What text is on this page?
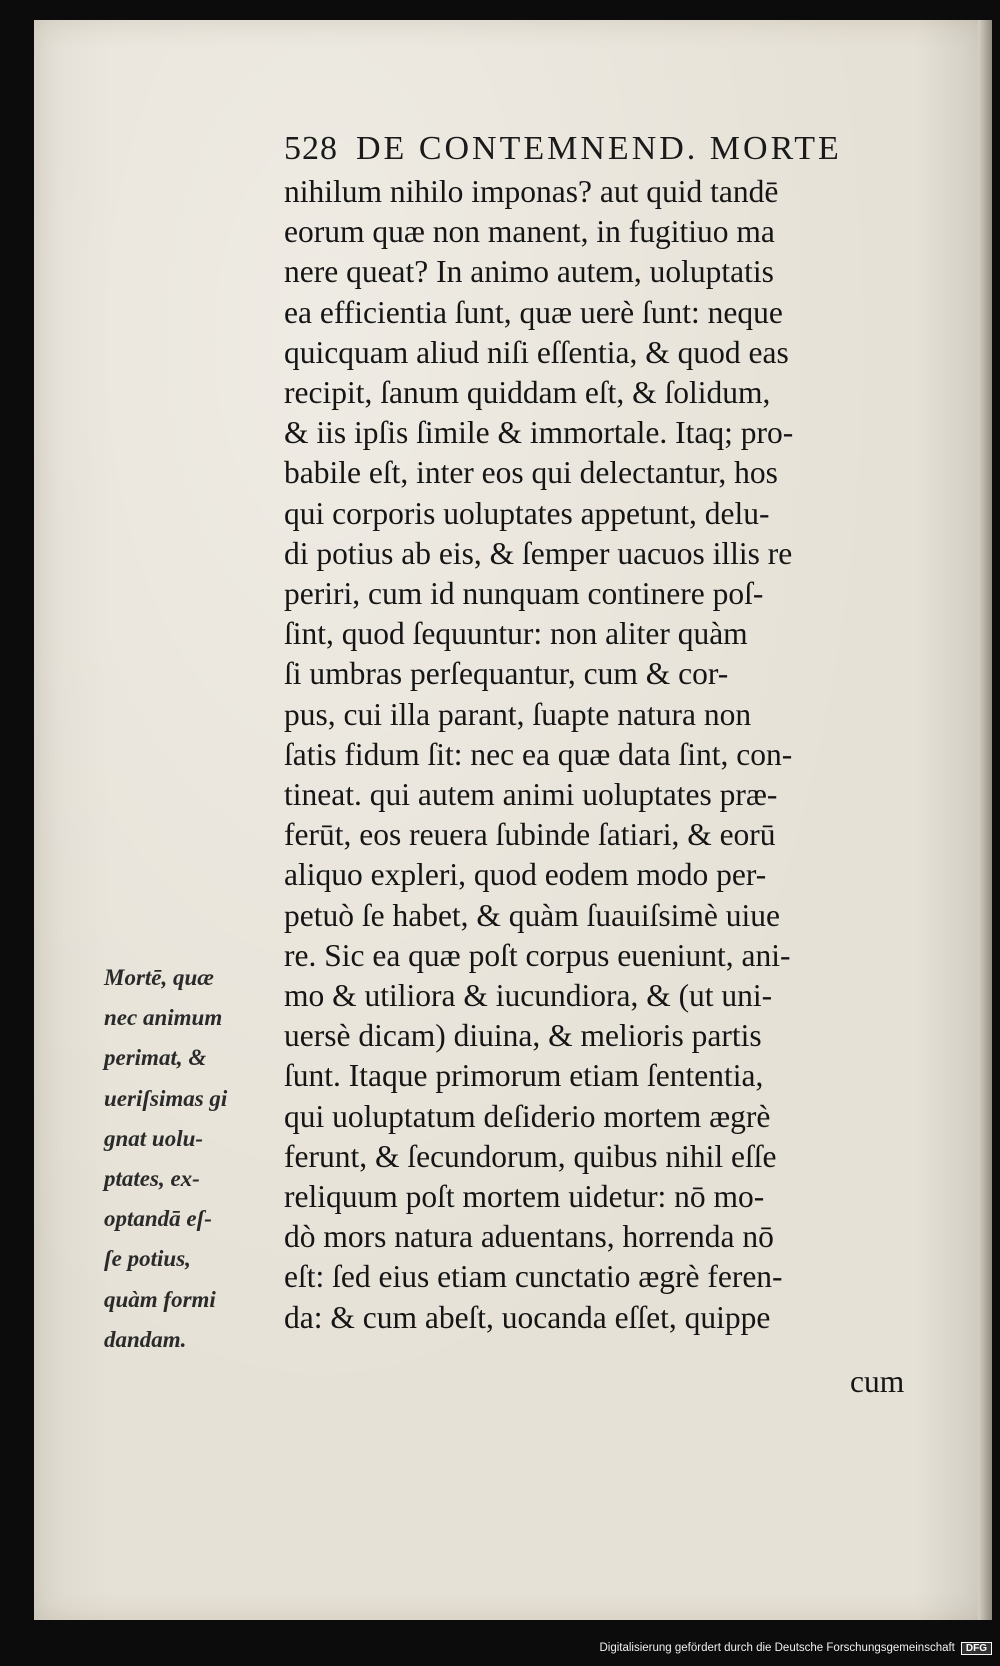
528 DE CONTEMNEND. MORTE
nihilum nihilo imponas? aut quid tandē
eorum quæ non manent, in fugitiuo ma
nere queat? In animo autem, uoluptatis
ea efficientia ſunt, quæ uerè ſunt: neque
quicquam aliud niſi eſſentia, & quod eas
recipit, ſanum quiddam eſt, & ſolidum,
& iis ipſis ſimile & immortale. Itaq; pro-
babile eſt, inter eos qui delectantur, hos
qui corporis uoluptates appetunt, delu-
di potius ab eis, & ſemper uacuos illis re
periri, cum id nunquam continere poſ-
ſint, quod ſequuntur: non aliter quàm
ſi umbras perſequantur, cum & cor-
pus, cui illa parant, ſuapte natura non
ſatis fidum ſit: nec ea quæ data ſint, con-
tineat. qui autem animi uoluptates præ-
ferūt, eos reuera ſubinde ſatiari, & eorū
aliquo expleri, quod eodem modo per-
petuò ſe habet, & quàm ſuauiſsimè uiue
re. Sic ea quæ poſt corpus eueniunt, ani-
mo & utiliora & iucundiora, & (ut uni-
uersè dicam) diuina, & melioris partis
ſunt. Itaque primorum etiam ſententia,
qui uoluptatum deſiderio mortem ægrè
ferunt, & ſecundorum, quibus nihil eſſe
reliquum poſt mortem uidetur: nō mo-
dò mors natura aduentans, horrenda nō
eſt: ſed eius etiam cunctatio ægrè feren-
da: & cum abeſt, uocanda eſſet, quippe
cum
Mortē, quæ
nec animum
perimat, &
ueriſsimas gi
gnat uolu-
ptates, ex-
optandā eſ-
ſe potius,
quàm formi
dandam.
Digitalisierung gefördert durch die Deutsche Forschungsgemeinschaft DFG
